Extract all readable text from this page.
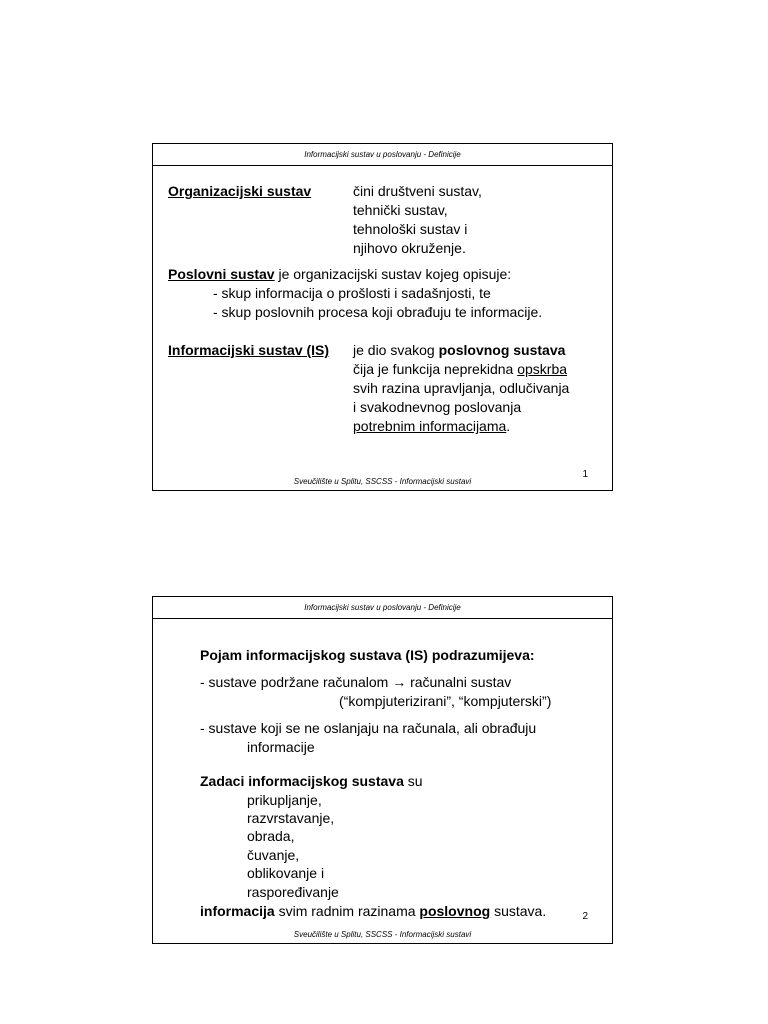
Informacijski sustav u poslovanju - Definicije
Organizacijski sustav	čini društveni sustav,
tehnički sustav,
tehnološki sustav i
njihovo okruženje.
Poslovni sustav je organizacijski sustav kojeg opisuje:
- skup informacija o prošlosti i sadašnjosti, te
- skup poslovnih procesa koji obrađuju te informacije.
Informacijski sustav (IS) je dio svakog poslovnog sustava
čija je funkcija neprekidna opskrba
svih razina upravljanja, odlučivanja
i svakodnevnog poslovanja
potrebnim informacijama.
1
Sveučilište u Splitu, SSCSS - Informacijski sustavi
Informacijski sustav u poslovanju - Definicije
Pojam informacijskog sustava (IS) podrazumijeva:
- sustave podržane računalom → računalni sustav
(“kompjuterizirani”, “kompjuterski”)
- sustave koji se ne oslanjaju na računala, ali obrađuju
informacije
Zadaci informacijskog sustava su
prikupljanje,
razvrstavanje,
obrada,
čuvanje,
oblikovanje i
raspoređivanje
informacija svim radnim razinama poslovnog sustava.	2
Sveučilište u Splitu, SSCSS - Informacijski sustavi
